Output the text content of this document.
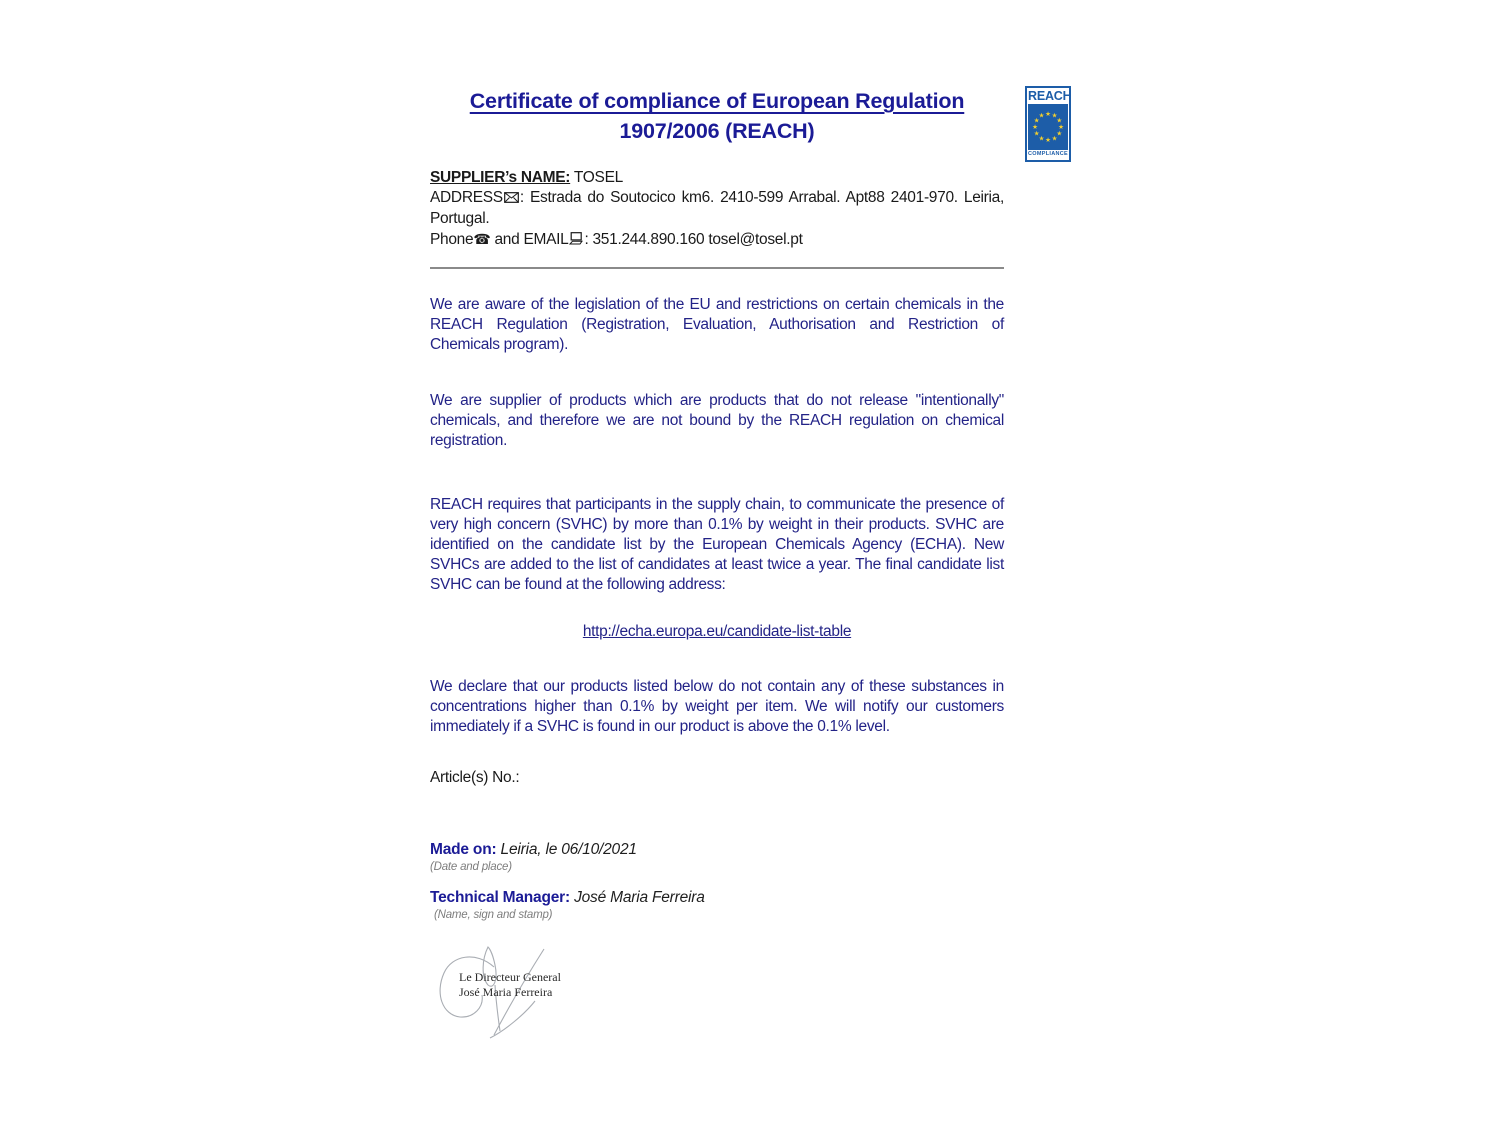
REACH
★ ★
★
★
★
★
★
★
★
★
★
★
COMPLIANCE
Certificate of compliance of European Regulation
1907/2006 (REACH)

SUPPLIER’s NAME: TOSEL

ADDRESS : Estrada do Soutocico km6. 2410-599 Arrabal. Apt88 2401-970. Leiria, Portugal.

Phone☎ and EMAIL : 351.244.890.160 tosel@tosel.pt

We are aware of the legislation of the EU and restrictions on certain chemicals in the REACH Regulation (Registration, Evaluation, Authorisation and Restriction of Chemicals program).

We are supplier of products which are products that do not release "intentionally" chemicals, and therefore we are not bound by the REACH regulation on chemical registration.

REACH requires that participants in the supply chain, to communicate the presence of very high concern (SVHC) by more than 0.1% by weight in their products. SVHC are identified on the candidate list by the European Chemicals Agency (ECHA). New SVHCs are added to the list of candidates at least twice a year. The final candidate list SVHC can be found at the following address:

http://echa.europa.eu/candidate-list-table

We declare that our products listed below do not contain any of these substances in concentrations higher than 0.1% by weight per item. We will notify our customers immediately if a SVHC is found in our product is above the 0.1% level.

Article(s) No.:

Made on: Leiria, le 06/10/2021

(Date and place)

Technical Manager: José Maria Ferreira

(Name, sign and stamp)

Le Directeur General
José Maria Ferreira
